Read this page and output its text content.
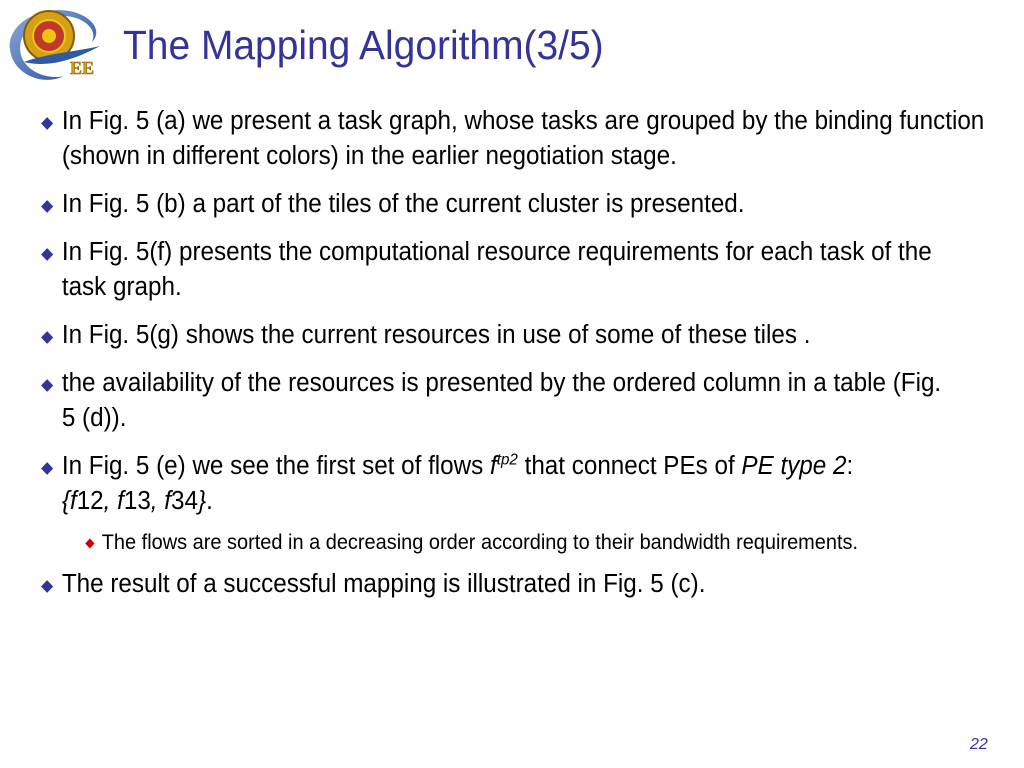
EE The Mapping Algorithm(3/5)
In Fig. 5 (a) we present a task graph, whose tasks are grouped by the binding function (shown in different colors) in the earlier negotiation stage.
In Fig. 5 (b) a part of the tiles of the current cluster is presented.
In Fig. 5(f) presents the computational resource requirements for each task of the task graph.
In Fig. 5(g) shows the current resources in use of some of these tiles .
the availability of the resources is presented by the ordered column in a table (Fig. 5 (d)).
In Fig. 5 (e) we see the first set of flows $f^{tp2}$ that connect PEs of PE type 2:
{f12, f13, f34}.
The flows are sorted in a decreasing order according to their bandwidth requirements.
The result of a successful mapping is illustrated in Fig. 5 (c).
22
